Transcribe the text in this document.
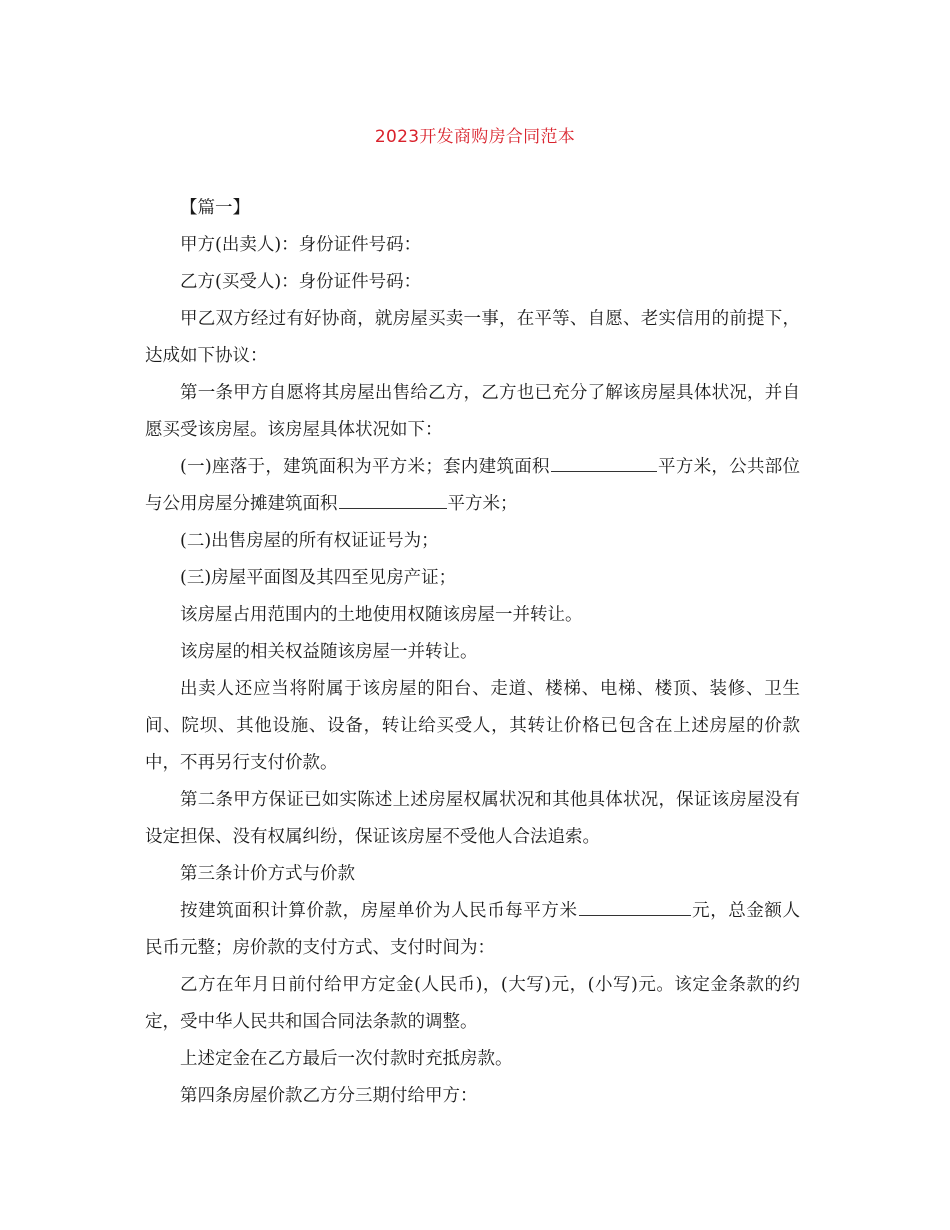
2023开发商购房合同范本

【篇一】

甲方(出卖人)：身份证件号码：

乙方(买受人)：身份证件号码：

甲乙双方经过有好协商，就房屋买卖一事，在平等、自愿、老实信用的前提下，达成如下协议：

第一条甲方自愿将其房屋出售给乙方，乙方也已充分了解该房屋具体状况，并自愿买受该房屋。该房屋具体状况如下：

(一)座落于，建筑面积为平方米；套内建筑面积	平方米，公共部位与公用房屋分摊建筑面积	平方米；

(二)出售房屋的所有权证证号为；

(三)房屋平面图及其四至见房产证；

该房屋占用范围内的土地使用权随该房屋一并转让。

该房屋的相关权益随该房屋一并转让。

出卖人还应当将附属于该房屋的阳台、走道、楼梯、电梯、楼顶、装修、卫生间、院坝、其他设施、设备，转让给买受人，其转让价格已包含在上述房屋的价款中，不再另行支付价款。

第二条甲方保证已如实陈述上述房屋权属状况和其他具体状况，保证该房屋没有设定担保、没有权属纠纷，保证该房屋不受他人合法追索。

第三条计价方式与价款

按建筑面积计算价款，房屋单价为人民币每平方米	元，总金额人民币元整；房价款的支付方式、支付时间为：

乙方在年月日前付给甲方定金(人民币)，(大写)元，(小写)元。该定金条款的约定，受中华人民共和国合同法条款的调整。

上述定金在乙方最后一次付款时充抵房款。

第四条房屋价款乙方分三期付给甲方：
